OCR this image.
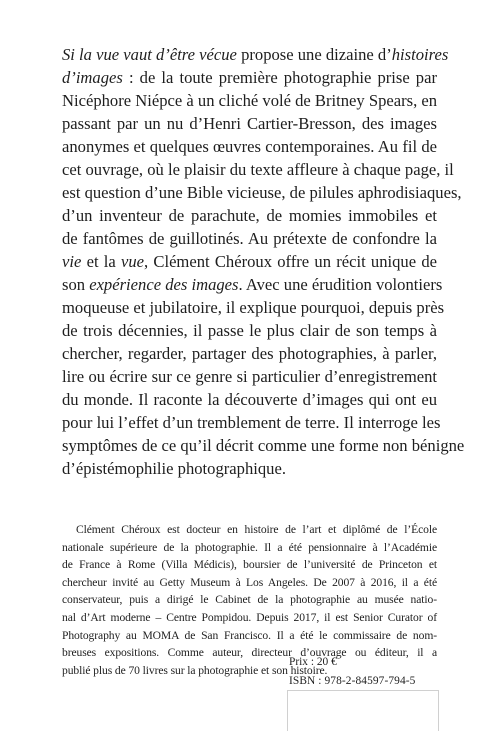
Si la vue vaut d’être vécue propose une dizaine d’histoires
d’images : de la toute première photographie prise par
Nicéphore Niépce à un cliché volé de Britney Spears, en
passant par un nu d’Henri Cartier-Bresson, des images
anonymes et quelques œuvres contemporaines. Au fil de
cet ouvrage, où le plaisir du texte affleure à chaque page, il
est question d’une Bible vicieuse, de pilules aphrodisiaques,
d’un inventeur de parachute, de momies immobiles et
de fantômes de guillotinés. Au prétexte de confondre la
vie et la vue, Clément Chéroux offre un récit unique de
son expérience des images. Avec une érudition volontiers
moqueuse et jubilatoire, il explique pourquoi, depuis près
de trois décennies, il passe le plus clair de son temps à
chercher, regarder, partager des photographies, à parler,
lire ou écrire sur ce genre si particulier d’enregistrement
du monde. Il raconte la découverte d’images qui ont eu
pour lui l’effet d’un tremblement de terre. Il interroge les
symptômes de ce qu’il décrit comme une forme non bénigne
d’épistémophilie photographique.
Clément Chéroux est docteur en histoire de l’art et diplômé de l’École
nationale supérieure de la photographie. Il a été pensionnaire à l’Académie
de France à Rome (Villa Médicis), boursier de l’université de Princeton et
chercheur invité au Getty Museum à Los Angeles. De 2007 à 2016, il a été
conservateur, puis a dirigé le Cabinet de la photographie au musée natio-
nal d’Art moderne – Centre Pompidou. Depuis 2017, il est Senior Curator of
Photography au MOMA de San Francisco. Il a été le commissaire de nom-
breuses expositions. Comme auteur, directeur d’ouvrage ou éditeur, il a
publié plus de 70 livres sur la photographie et son histoire.
Prix : 20 €
ISBN : 978-2-84597-794-5
